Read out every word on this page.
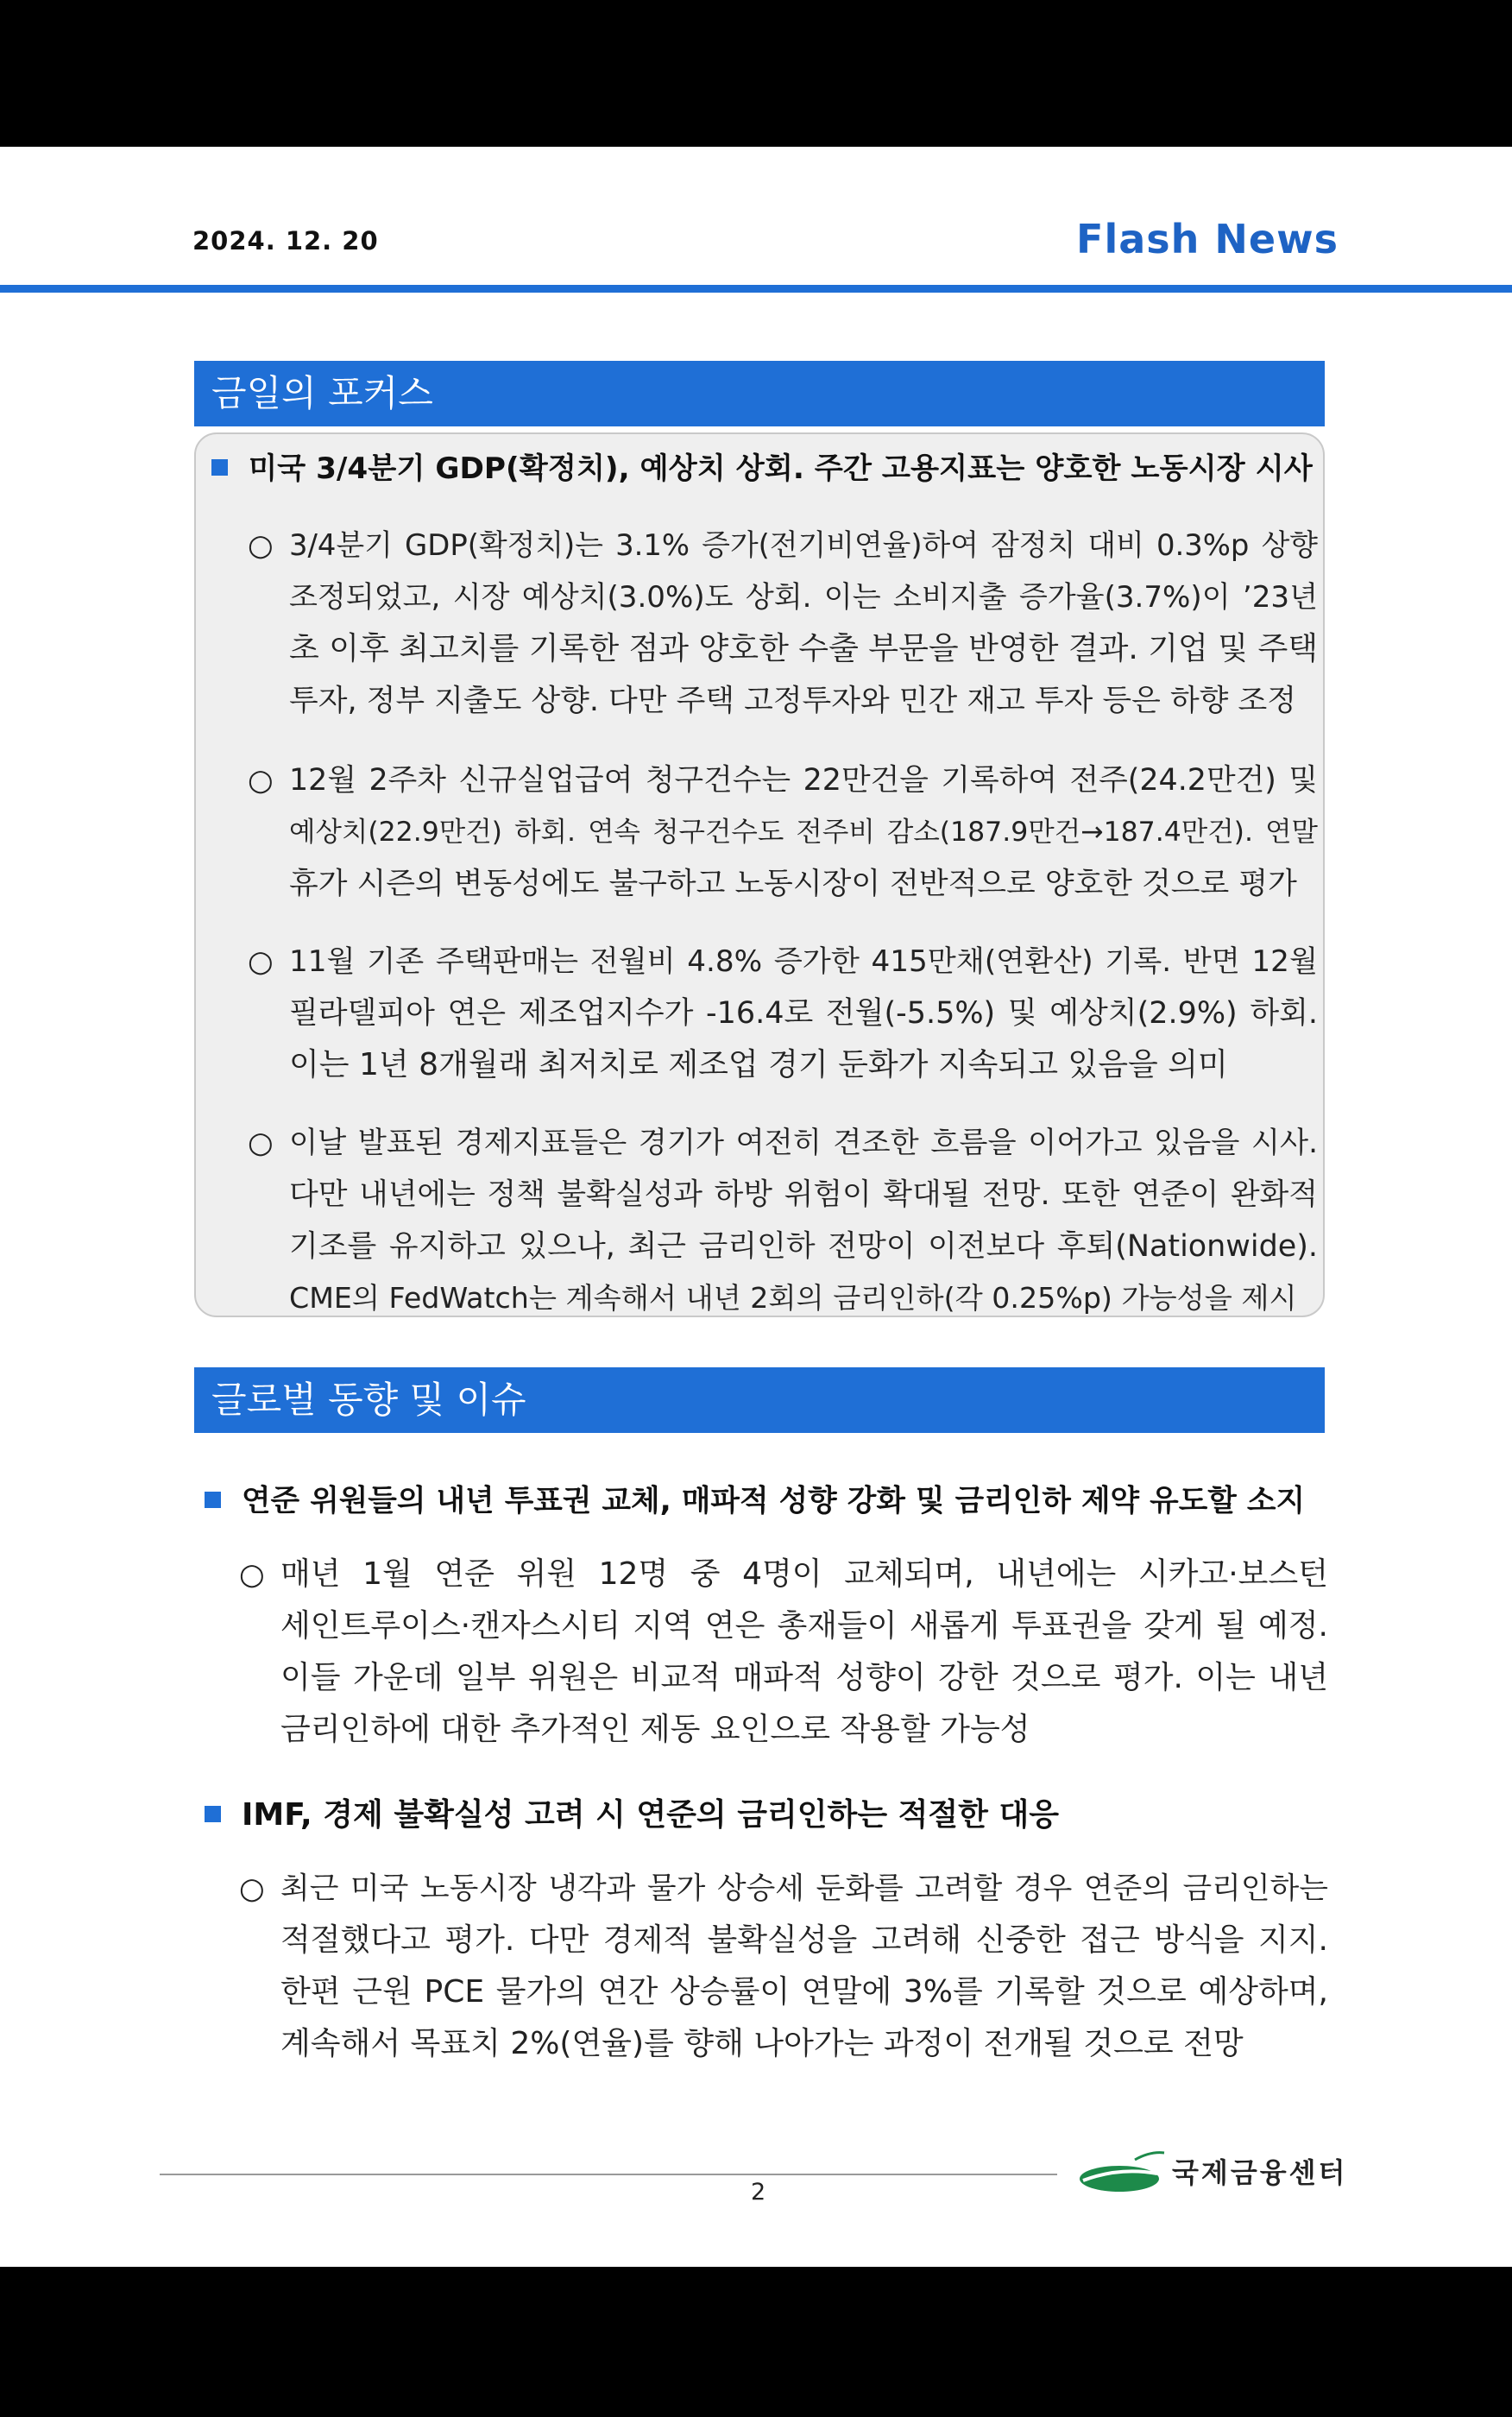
2024. 12. 20	Flash News
금일의 포커스
미국 3/4분기 GDP(확정치), 예상치 상회. 주간 고용지표는 양호한 노동시장 시사
○ 3/4분기 GDP(확정치)는 3.1% 증가(전기비연율)하여 잠정치 대비 0.3%p 상향
조정되었고, 시장 예상치(3.0%)도 상회. 이는 소비지출 증가율(3.7%)이 ’23년
초 이후 최고치를 기록한 점과 양호한 수출 부문을 반영한 결과. 기업 및 주택
투자, 정부 지출도 상향. 다만 주택 고정투자와 민간 재고 투자 등은 하향 조정
○ 12월 2주차 신규실업급여 청구건수는 22만건을 기록하여 전주(24.2만건) 및
예상치(22.9만건) 하회. 연속 청구건수도 전주비 감소(187.9만건→187.4만건). 연말
휴가 시즌의 변동성에도 불구하고 노동시장이 전반적으로 양호한 것으로 평가
○ 11월 기존 주택판매는 전월비 4.8% 증가한 415만채(연환산) 기록. 반면 12월
필라델피아 연은 제조업지수가 -16.4로 전월(-5.5%) 및 예상치(2.9%) 하회.
이는 1년 8개월래 최저치로 제조업 경기 둔화가 지속되고 있음을 의미
○ 이날 발표된 경제지표들은 경기가 여전히 견조한 흐름을 이어가고 있음을 시사.
다만 내년에는 정책 불확실성과 하방 위험이 확대될 전망. 또한 연준이 완화적
기조를 유지하고 있으나, 최근 금리인하 전망이 이전보다 후퇴(Nationwide).
CME의 FedWatch는 계속해서 내년 2회의 금리인하(각 0.25%p) 가능성을 제시
글로벌 동향 및 이슈
연준 위원들의 내년 투표권 교체, 매파적 성향 강화 및 금리인하 제약 유도할 소지
○ 매년 1월 연준 위원 12명 중 4명이 교체되며, 내년에는 시카고·보스턴
세인트루이스·캔자스시티 지역 연은 총재들이 새롭게 투표권을 갖게 될 예정.
이들 가운데 일부 위원은 비교적 매파적 성향이 강한 것으로 평가. 이는 내년
금리인하에 대한 추가적인 제동 요인으로 작용할 가능성
IMF, 경제 불확실성 고려 시 연준의 금리인하는 적절한 대응
○ 최근 미국 노동시장 냉각과 물가 상승세 둔화를 고려할 경우 연준의 금리인하는
적절했다고 평가. 다만 경제적 불확실성을 고려해 신중한 접근 방식을 지지.
한편 근원 PCE 물가의 연간 상승률이 연말에 3%를 기록할 것으로 예상하며,
계속해서 목표치 2%(연율)를 향해 나아가는 과정이 전개될 것으로 전망
2
국제금융센터
